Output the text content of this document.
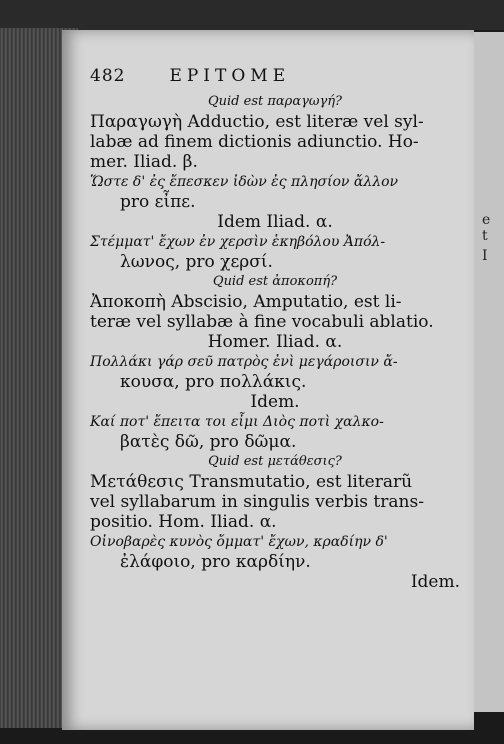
e
t
I
482	EPITOME
Quid est παραγωγή?
Παραγωγὴ Adductio, est literæ vel syl-
labæ ad finem dictionis adiunctio. Ho-
mer. Iliad. β.
Ὥστε δ' ἐς ἔπεσκεν ἰδὼν ἐς πλησίον ἄλλον
pro εἶπε.
Idem Iliad. α.
Στέμματ' ἔχων ἐν χερσὶν ἑκηβόλου Ἀπόλ-
λωνος, pro χερσί.
Quid est ἀποκοπή?
Ἀποκοπὴ Abscisio, Amputatio, est li-
teræ vel syllabæ à fine vocabuli ablatio.
Homer. Iliad. α.
Πολλάκι γάρ σεῦ πατρὸς ἐνὶ μεγάροισιν ἄ-
κουσα, pro πολλάκις.
Idem.
Καί ποτ' ἔπειτα τοι εἶμι Διὸς ποτὶ χαλκο-
βατὲς δῶ, pro δῶμα.
Quid est μετάθεσις?
Μετάθεσις Transmutatio, est literarũ
vel syllabarum in singulis verbis trans-
positio. Hom. Iliad. α.
Οἰνοβαρὲς κυνὸς ὄμματ' ἔχων, κραδίην δ'
ἐλάφοιο, pro καρδίην.
Idem.
